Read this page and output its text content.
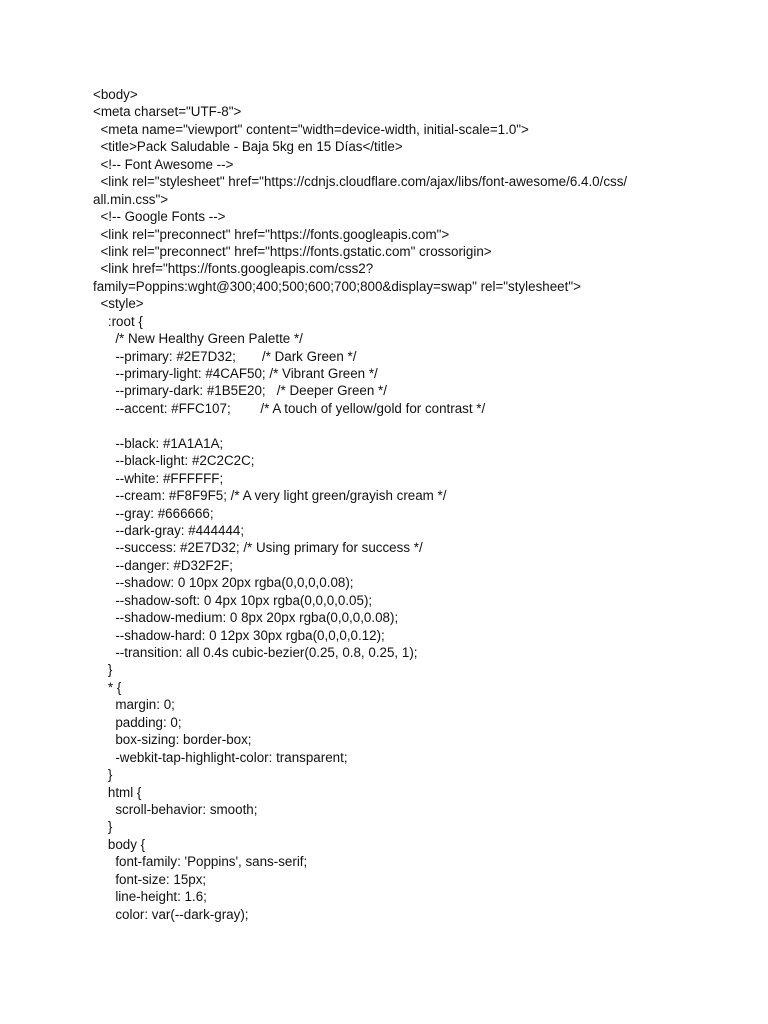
<body>
<meta charset="UTF-8">
<meta name="viewport" content="width=device-width, initial-scale=1.0">
<title>Pack Saludable - Baja 5kg en 15 Días</title>
<!-- Font Awesome -->
<link rel="stylesheet" href="https://cdnjs.cloudflare.com/ajax/libs/font-awesome/6.4.0/css/
all.min.css">
<!-- Google Fonts -->
<link rel="preconnect" href="https://fonts.googleapis.com">
<link rel="preconnect" href="https://fonts.gstatic.com" crossorigin>
<link href="https://fonts.googleapis.com/css2?
family=Poppins:wght@300;400;500;600;700;800&display=swap" rel="stylesheet">
<style>
:root {
/* New Healthy Green Palette */
--primary: #2E7D32;       /* Dark Green */
--primary-light: #4CAF50; /* Vibrant Green */
--primary-dark: #1B5E20;   /* Deeper Green */
--accent: #FFC107;        /* A touch of yellow/gold for contrast */
--black: #1A1A1A;
--black-light: #2C2C2C;
--white: #FFFFFF;
--cream: #F8F9F5; /* A very light green/grayish cream */
--gray: #666666;
--dark-gray: #444444;
--success: #2E7D32; /* Using primary for success */
--danger: #D32F2F;
--shadow: 0 10px 20px rgba(0,0,0,0.08);
--shadow-soft: 0 4px 10px rgba(0,0,0,0.05);
--shadow-medium: 0 8px 20px rgba(0,0,0,0.08);
--shadow-hard: 0 12px 30px rgba(0,0,0,0.12);
--transition: all 0.4s cubic-bezier(0.25, 0.8, 0.25, 1);
}
* {
margin: 0;
padding: 0;
box-sizing: border-box;
-webkit-tap-highlight-color: transparent;
}
html {
scroll-behavior: smooth;
}
body {
font-family: 'Poppins', sans-serif;
font-size: 15px;
line-height: 1.6;
color: var(--dark-gray);
